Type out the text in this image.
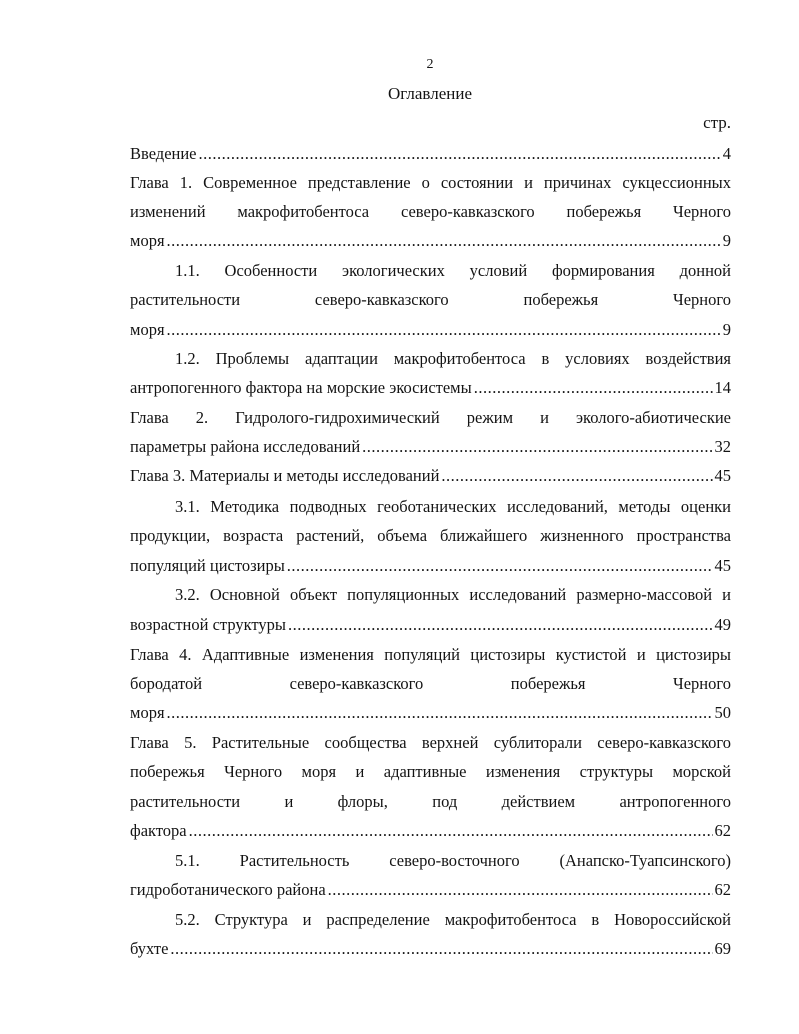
2
Оглавление
стр.
Введение .....	4
Глава 1. Современное представление о состоянии и причинах сукцессионных
изменений макрофитобентоса северо-кавказского побережья Черного
моря .....	9
1.1. Особенности экологических условий формирования донной
растительности северо-кавказского побережья Черного
моря .....	9
1.2. Проблемы адаптации макрофитобентоса в условиях воздействия
антропогенного фактора на морские экосистемы .....	14
Глава 2. Гидролого-гидрохимический режим и эколого-абиотические
параметры района исследований .....	32
Глава 3. Материалы и методы исследований .....	45
3.1. Методика подводных геоботанических исследований, методы оценки
продукции, возраста растений, объема ближайшего жизненного пространства
популяций цистозиры .....	45
3.2. Основной объект популяционных исследований размерно-массовой и
возрастной структуры .....	49
Глава 4. Адаптивные изменения популяций цистозиры кустистой и цистозиры
бородатой северо-кавказского побережья Черного
моря .....	50
Глава 5. Растительные сообщества верхней сублиторали северо-кавказского
побережья Черного моря и адаптивные изменения структуры морской
растительности и флоры, под действием антропогенного
фактора .....	62
5.1. Растительность северо-восточного (Анапско-Туапсинского)
гидроботанического района .....	62
5.2. Структура и распределение макрофитобентоса в Новороссийской
бухте .....	69
